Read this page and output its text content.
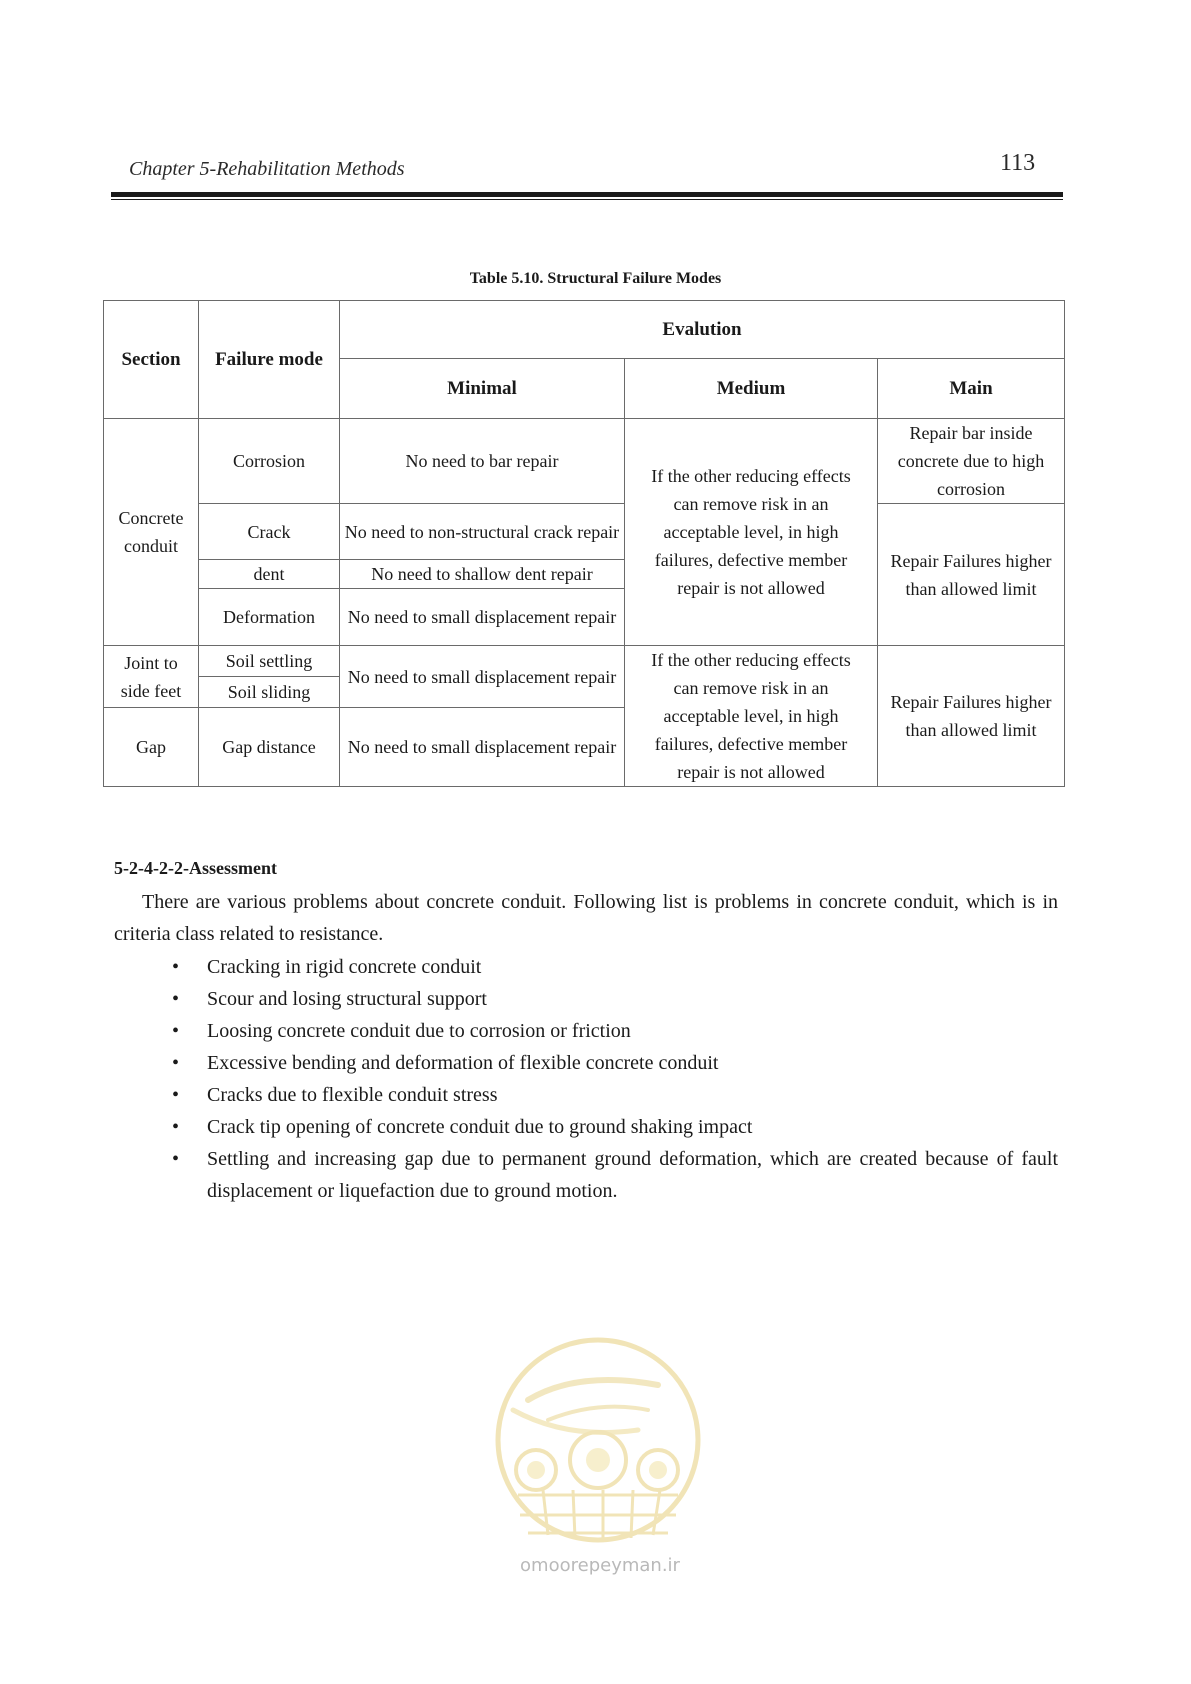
Chapter 5-Rehabilitation Methods	113
Table 5.10. Structural Failure Modes
Section	Failure mode	Evalution		
		Minimal	Medium	Main
Concrete conduit	Corrosion	No need to bar repair	If the other reducing effects can remove risk in an acceptable level, in high failures, defective member repair is not allowed	Repair bar inside concrete due to high corrosion
	Crack	No need to non-structural crack repair		Repair Failures higher than allowed limit
	dent	No need to shallow dent repair		
	Deformation	No need to small displacement repair		
Joint to side feet	Soil settling	No need to small displacement repair	If the other reducing effects can remove risk in an acceptable level, in high failures, defective member repair is not allowed	Repair Failures higher than allowed limit
	Soil sliding			
Gap	Gap distance	No need to small displacement repair		
5-2-4-2-2-Assessment

There are various problems about concrete conduit. Following list is problems in concrete conduit, which is in criteria class related to resistance.

• Cracking in rigid concrete conduit
• Scour and losing structural support
• Loosing concrete conduit due to corrosion or friction
• Excessive bending and deformation of flexible concrete conduit
• Cracks due to flexible conduit stress
• Crack tip opening of concrete conduit due to ground shaking impact
• Settling and increasing gap due to permanent ground deformation, which are created because of fault displacement or liquefaction due to ground motion.
omoorepeyman.ir
